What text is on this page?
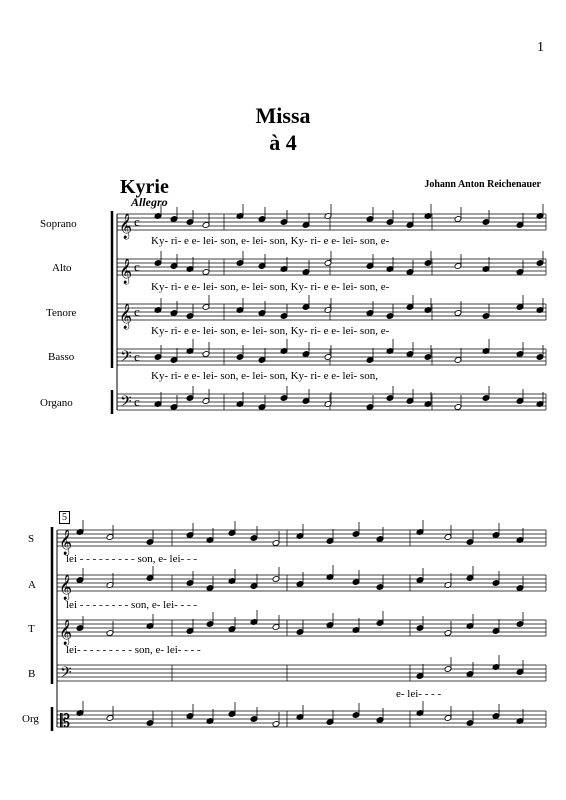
1
Missa
à 4
Kyrie	Johann Anton Reichenauer
Allegro
Soprano
Alto
Tenore
Basso
Organo
Ky- ri- e e- lei- son, e- lei- son, Ky- ri- e e- lei- son, e-
Ky- ri- e e- lei- son, e- lei- son, Ky- ri- e e- lei- son, e-
Ky- ri- e e- lei- son, e- lei- son, Ky- ri- e e- lei- son, e-
Ky- ri- e e- lei- son, e- lei- son, Ky- ri- e e- lei- son,
5
S
A
T
B
Org
lei - - - - - - - - - son, e- lei- - -
lei - - - - - - - - son, e- lei- - - -
lei- - - - - - - - - son, e- lei- - - -
e- lei- - - -
𝄞 c
𝄞 c
𝄞 c
𝄢 c
𝄢 c
𝄞
𝄞
𝄞
𝄢
𝄡
